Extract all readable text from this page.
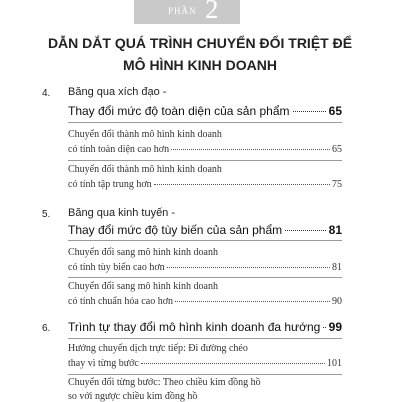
PHẦN 2
DẪN DẮT QUÁ TRÌNH CHUYỂN ĐỔI TRIỆT ĐỂ
MÔ HÌNH KINH DOANH
4. Băng qua xích đạo -
Thay đổi mức độ toàn diện của sản phẩm	65
Chuyển đổi thành mô hình kinh doanh
có tính toàn diện cao hơn	65
Chuyển đổi thành mô hình kinh doanh
có tính tập trung hơn	75
5. Băng qua kinh tuyến -
Thay đổi mức độ tùy biến của sản phẩm	81
Chuyển đổi sang mô hình kinh doanh
có tính tùy biến cao hơn	81
Chuyển đổi sang mô hình kinh doanh
có tính chuẩn hóa cao hơn	90
6. Trình tự thay đổi mô hình kinh doanh đa hướng 99
Hướng chuyển dịch trực tiếp: Đi đường chéo
thay vì từng bước	101
Chuyển đổi từng bước: Theo chiều kim đồng hồ
so với ngược chiều kim đồng hồ
